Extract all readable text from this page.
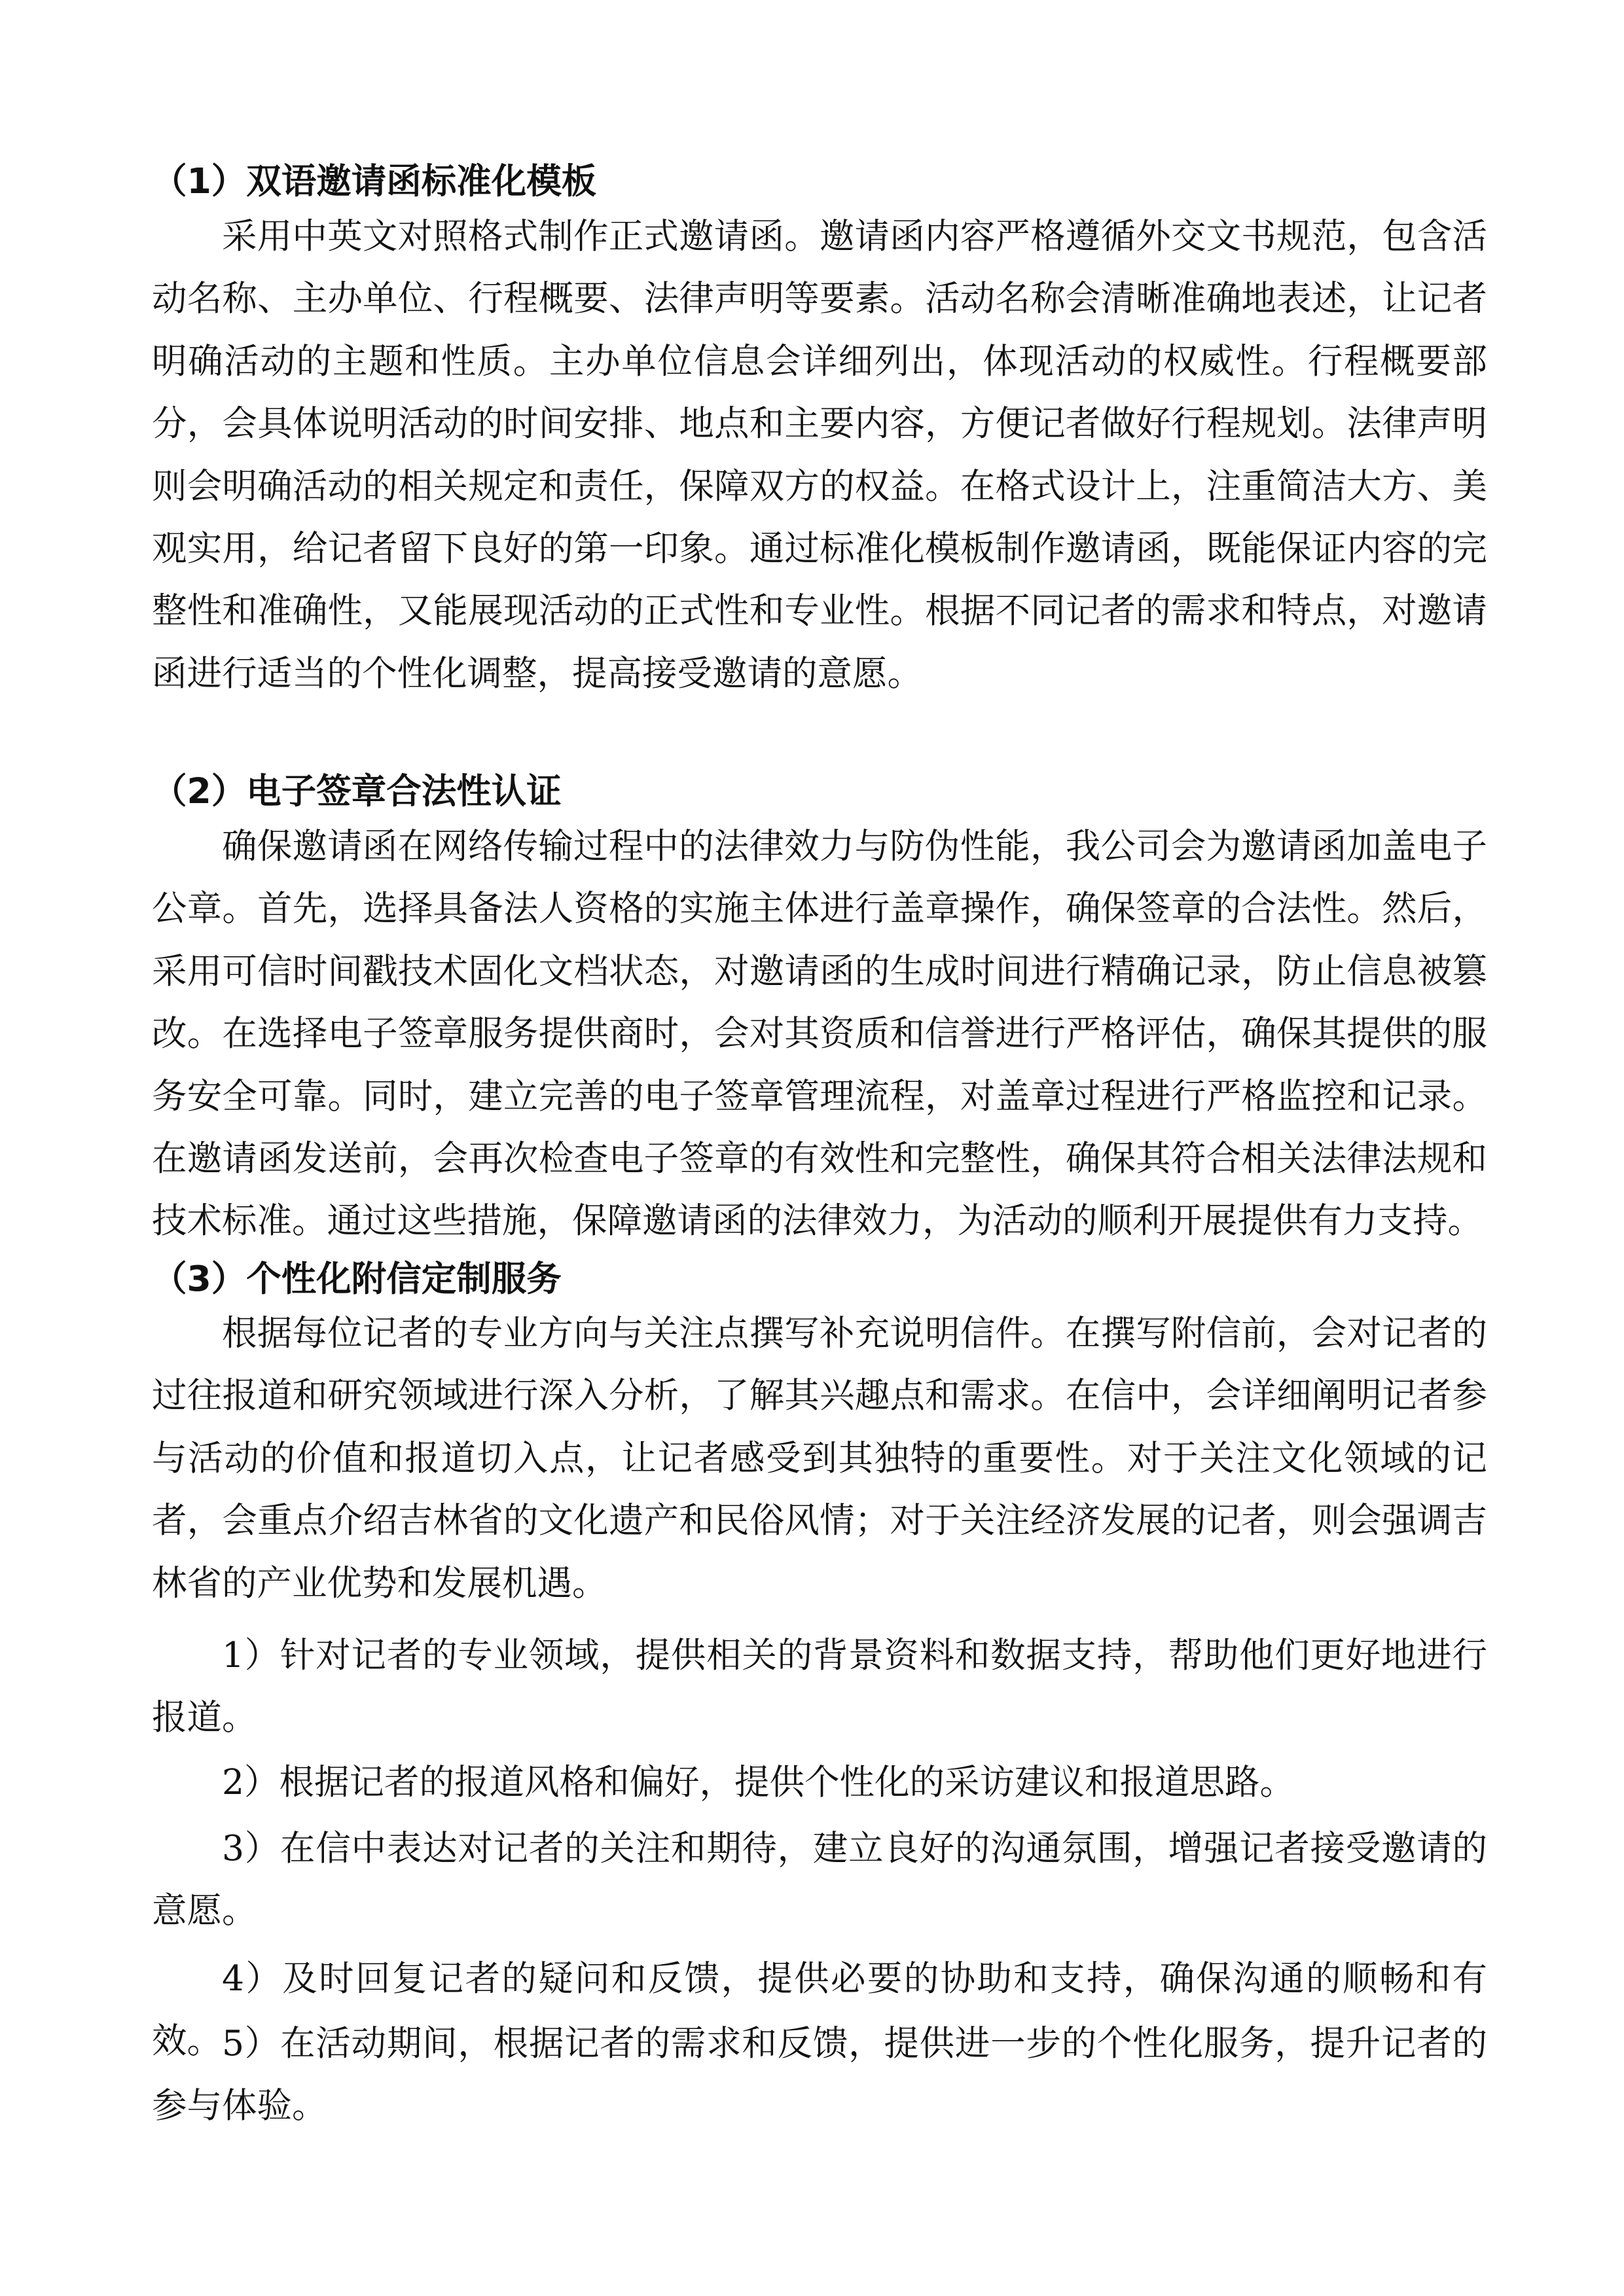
（1）双语邀请函标准化模板

采用中英文对照格式制作正式邀请函。邀请函内容严格遵循外交文书规范，包含活动名称、主办单位、行程概要、法律声明等要素。活动名称会清晰准确地表述，让记者明确活动的主题和性质。主办单位信息会详细列出，体现活动的权威性。行程概要部分，会具体说明活动的时间安排、地点和主要内容，方便记者做好行程规划。法律声明则会明确活动的相关规定和责任，保障双方的权益。在格式设计上，注重简洁大方、美观实用，给记者留下良好的第一印象。通过标准化模板制作邀请函，既能保证内容的完整性和准确性，又能展现活动的正式性和专业性。根据不同记者的需求和特点，对邀请函进行适当的个性化调整，提高接受邀请的意愿。

（2）电子签章合法性认证

确保邀请函在网络传输过程中的法律效力与防伪性能，我公司会为邀请函加盖电子公章。首先，选择具备法人资格的实施主体进行盖章操作，确保签章的合法性。然后，采用可信时间戳技术固化文档状态，对邀请函的生成时间进行精确记录，防止信息被篡改。在选择电子签章服务提供商时，会对其资质和信誉进行严格评估，确保其提供的服务安全可靠。同时，建立完善的电子签章管理流程，对盖章过程进行严格监控和记录。在邀请函发送前，会再次检查电子签章的有效性和完整性，确保其符合相关法律法规和技术标准。通过这些措施，保障邀请函的法律效力，为活动的顺利开展提供有力支持。

（3）个性化附信定制服务

根据每位记者的专业方向与关注点撰写补充说明信件。在撰写附信前，会对记者的过往报道和研究领域进行深入分析，了解其兴趣点和需求。在信中，会详细阐明记者参与活动的价值和报道切入点，让记者感受到其独特的重要性。对于关注文化领域的记者，会重点介绍吉林省的文化遗产和民俗风情；对于关注经济发展的记者，则会强调吉林省的产业优势和发展机遇。

1）针对记者的专业领域，提供相关的背景资料和数据支持，帮助他们更好地进行报道。

2）根据记者的报道风格和偏好，提供个性化的采访建议和报道思路。

3）在信中表达对记者的关注和期待，建立良好的沟通氛围，增强记者接受邀请的意愿。

4）及时回复记者的疑问和反馈，提供必要的协助和支持，确保沟通的顺畅和有效。 5）在活动期间，根据记者的需求和反馈，提供进一步的个性化服务，提升记者的参与体验。
